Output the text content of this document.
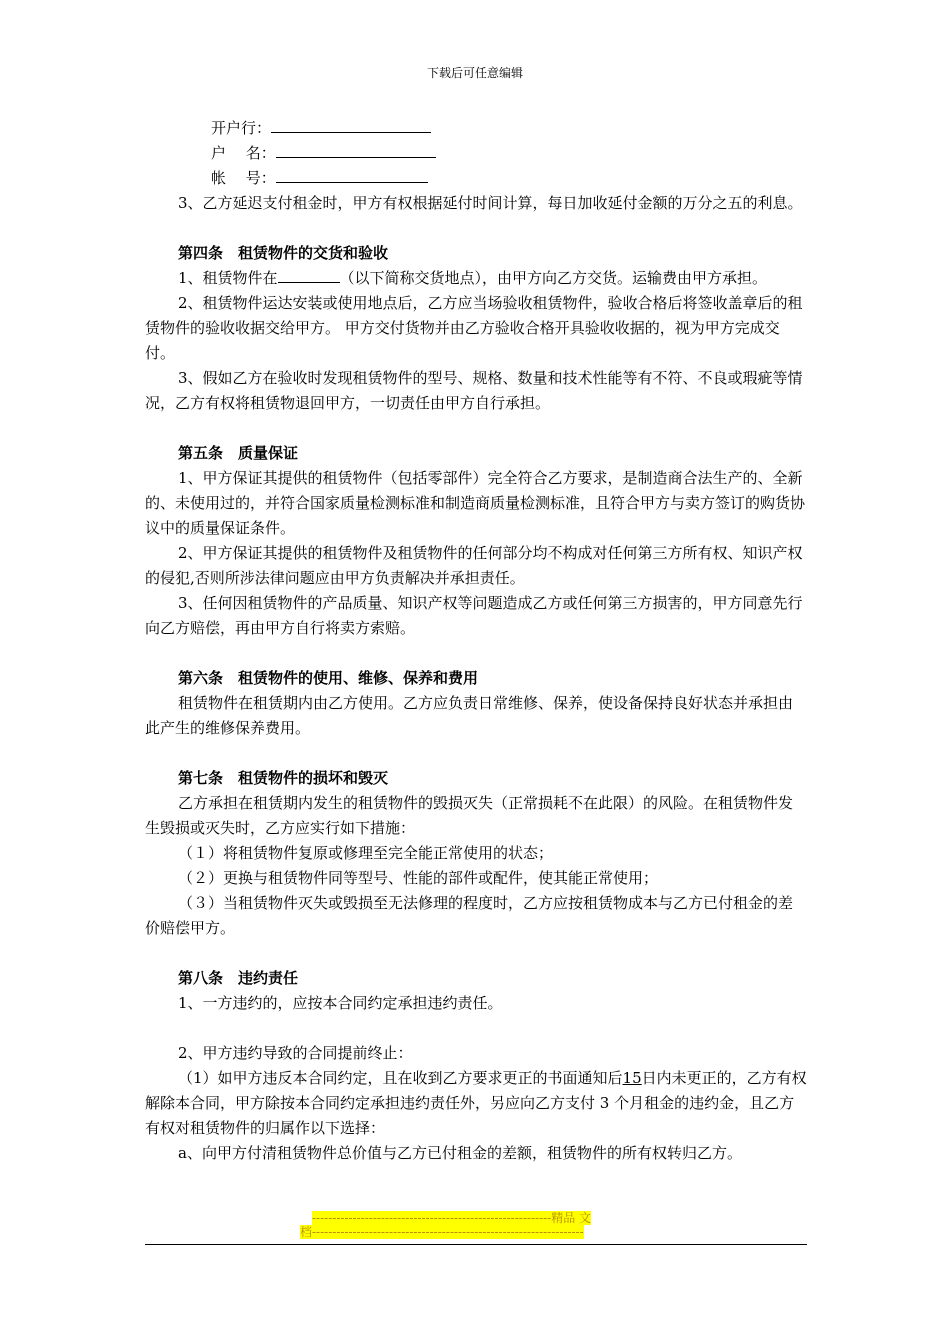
下载后可任意编辑

开户行：

户　 名：

帐　 号：

3、乙方延迟支付租金时，甲方有权根据延付时间计算，每日加收延付金额的万分之五的利息。

第四条　租赁物件的交货和验收

1、租赁物件在	（以下简称交货地点），由甲方向乙方交货。运输费由甲方承担。

2、租赁物件运达安装或使用地点后，乙方应当场验收租赁物件，验收合格后将签收盖章后的租赁物件的验收收据交给甲方。 甲方交付货物并由乙方验收合格开具验收收据的，视为甲方完成交付。

3、假如乙方在验收时发现租赁物件的型号、规格、数量和技术性能等有不符、不良或瑕疵等情况，乙方有权将租赁物退回甲方，一切责任由甲方自行承担。

第五条　质量保证

1、甲方保证其提供的租赁物件（包括零部件）完全符合乙方要求，是制造商合法生产的、全新的、未使用过的，并符合国家质量检测标准和制造商质量检测标准，且符合甲方与卖方签订的购货协议中的质量保证条件。

2、甲方保证其提供的租赁物件及租赁物件的任何部分均不构成对任何第三方所有权、知识产权的侵犯,否则所涉法律问题应由甲方负责解决并承担责任。

3、任何因租赁物件的产品质量、知识产权等问题造成乙方或任何第三方损害的，甲方同意先行向乙方赔偿，再由甲方自行将卖方索赔。

第六条　租赁物件的使用、维修、保养和费用

租赁物件在租赁期内由乙方使用。乙方应负责日常维修、保养，使设备保持良好状态并承担由此产生的维修保养费用。

第七条　租赁物件的损坏和毁灭

乙方承担在租赁期内发生的租赁物件的毁损灭失（正常损耗不在此限）的风险。在租赁物件发生毁损或灭失时，乙方应实行如下措施：

（１）将租赁物件复原或修理至完全能正常使用的状态；

（２）更换与租赁物件同等型号、性能的部件或配件，使其能正常使用；

（３）当租赁物件灭失或毁损至无法修理的程度时，乙方应按租赁物成本与乙方已付租金的差价赔偿甲方。

第八条　违约责任

1、一方违约的，应按本合同约定承担违约责任。

2、甲方违约导致的合同提前终止：

（1）如甲方违反本合同约定，且在收到乙方要求更正的书面通知后15日内未更正的，乙方有权解除本合同，甲方除按本合同约定承担违约责任外，另应向乙方支付 3 个月租金的违约金，且乙方有权对租赁物件的归属作以下选择：

a、向甲方付清租赁物件总价值与乙方已付租金的差额，租赁物件的所有权转归乙方。

-----------------------------------------------------------精品 文
档-------------------------------------------------------------------
